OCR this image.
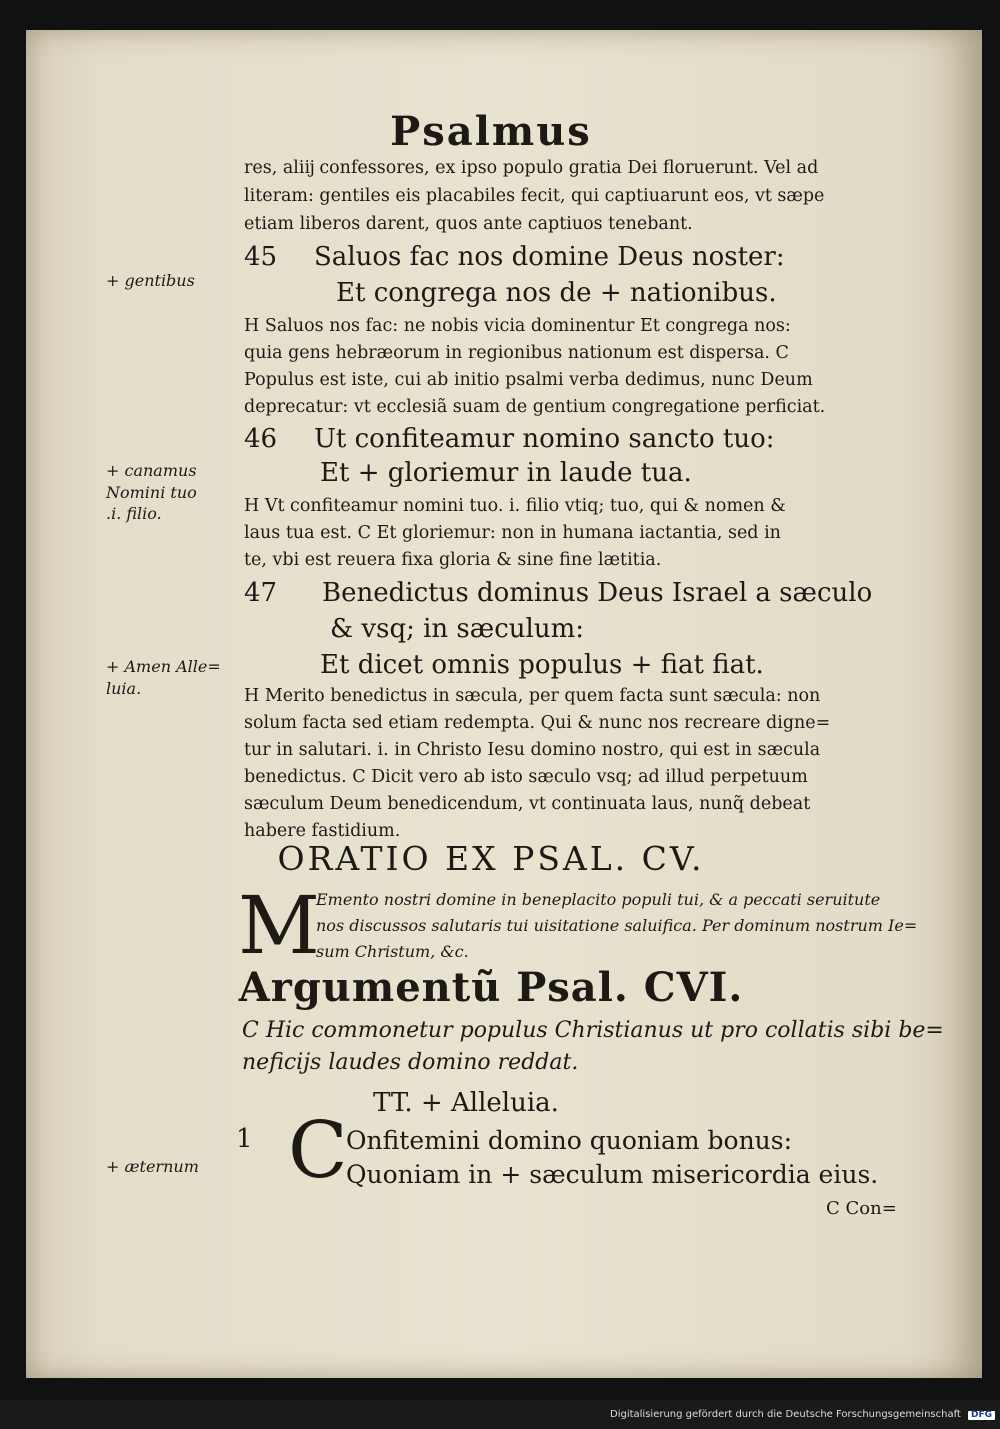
Psalmus
res, aliĳ confessores, ex ipso populo gratia Dei floruerunt. Vel ad
literam: gentiles eis placabiles fecit, qui captiuarunt eos, vt sæpe
etiam liberos darent, quos ante captiuos tenebant.
45 Saluos fac nos domine Deus noster:
Et congrega nos de + nationibus.
+ gentibus
H Saluos nos fac: ne nobis vicia dominentur Et congrega nos:
quia gens hebræorum in regionibus nationum est dispersa. C
Populus est iste, cui ab initio psalmi verba dedimus, nunc Deum
deprecatur: vt ecclesiã suam de gentium congregatione perficiat.
46 Ut confiteamur nomino sancto tuo:
Et + gloriemur in laude tua.
+ canamus
Nomini tuo
.i. filio.	H Vt confiteamur nomini tuo. i. filio vtiq; tuo, qui & nomen &
laus tua est. C Et gloriemur: non in humana iactantia, sed in
te, vbi est reuera fixa gloria & sine fine lætitia.
47 Benedictus dominus Deus Israel a sæculo
& vsq; in sæculum:
Et dicet omnis populus + fiat fiat.
+ Amen Alle=
luia.	H Merito benedictus in sæcula, per quem facta sunt sæcula: non
solum facta sed etiam redempta. Qui & nunc nos recreare digne=
tur in salutari. i. in Christo Iesu domino nostro, qui est in sæcula
benedictus. C Dicit vero ab isto sæculo vsq; ad illud perpetuum
sæculum Deum benedicendum, vt continuata laus, nunq̃ debeat
habere fastidium.
ORATIO EX PSAL. CV.
M
Emento nostri domine in beneplacito populi tui, & a peccati seruitute
nos discussos salutaris tui uisitatione saluifica. Per dominum nostrum Ie=
sum Christum, &c.
Argumentũ Psal. CVI.
C Hic commonetur populus Christianus ut pro collatis sibi be=
neficijs laudes domino reddat.
TT. + Alleluia.
1 C
Onfitemini domino quoniam bonus:
Quoniam in + sæculum misericordia eius.
+ æternum
C Con=
Digitalisierung gefördert durch die Deutsche Forschungsgemeinschaft DFG
